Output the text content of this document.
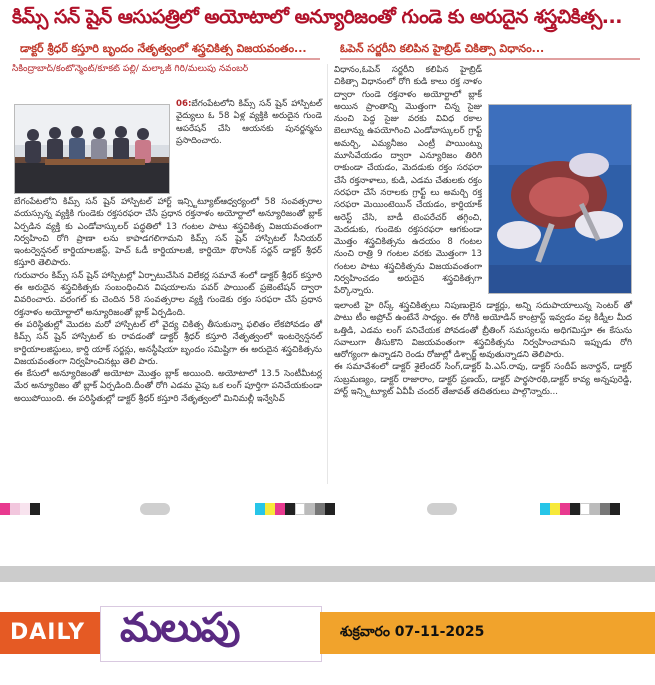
కిమ్స్ సన్ షైన్ ఆసుపత్రిలో అయోటాలో అన్యూరిజంతో గుండె కు అరుదైన శస్త్రచికిత్స...
డాక్టర్ శ్రీధర్ కస్తూరి బృందం నేతృత్వంలో శస్త్రచికిత్స విజయవంతం...	ఓపెన్ సర్జరీని కలిపిన హైబ్రిడ్ చికిత్సా విధానం...
సికింద్రాబాద్/కంటోన్మెంట్/కూకట్ పల్లి/ మల్కాజ్ గిరి/మలుపు నవంబర్

06:బేగంపేటలోని కిమ్స్ సన్ షైన్ హాస్పిటల్ వైద్యులు ఓ 58 ఏళ్ల వ్యక్తికి అరుదైన గుండె ఆపరేషన్ చేసి ఆయనకు పునర్జన్మను ప్రసాదించారు.

బేగంపేటలోని కిమ్స్ సన్ షైన్ హాస్పిటల్ హార్ట్ ఇన్స్టిట్యూట్ఆధ్వర్యంలో 58 సంవత్సరాల వయస్సున్న వ్యక్తికి గుండెకు రక్తసరఫరా చేసే ప్రధాన రక్తనాళం అయోర్టాలో అన్యూరిజంతో బ్లాక్ ఏర్పడిన వ్యక్తి కు ఎండోవాస్కులర్ పద్ధతిలో 13 గంటల పాటు శస్త్రచికిత్స విజయవంతంగా నిర్వహించి రోగి ప్రాణా లను కాపాడగలిగామని కిమ్స్ సన్ షైన్ హాస్పిటల్ సీనియర్ ఇంటర్వెన్షనల్ కార్డియాలజిస్ట్, హెచ్ ఓడీ కార్డియాలజీ, కార్డియో థొరాసిక్ సర్జన్ డాక్టర్ శ్రీధర్ కస్తూరి తెలిపారు.

గురువారం కిమ్స్ సన్ షైన్ హాస్పిటల్లో ఏర్పాటుచేసిన విలేకర్ల సమావే శంలో డాక్టర్ శ్రీధర్ కస్తూరి ఈ అరుదైన శస్త్రచికిత్సకు సంబంధించిన విషయాలను పవర్ పాయింట్ ప్రజెంటేషన్ ద్వారా వివరించారు. వరంగల్ కు చెందిన 58 సంవత్సరాల వ్యక్తి గుండెకు రక్తం సరఫరా చేసే ప్రధాన రక్తనాళం అయోర్టాలో అన్యూరిజంతో బ్లాక్ ఏర్పడింది.

ఈ పరిస్థితుల్లో మొదట మరో హాస్పిటల్ లో వైద్య చికిత్స తీసుకున్నా ఫలితం లేకపోవడం తో కిమ్స్ సన్ షైన్ హాస్పిటల్ కు రావడంతో డాక్టర్ శ్రీధర్ కస్తూరి నేతృత్వంలో ఇంటర్వెన్షనల్ కార్డియాలజిస్టులు, కార్డి యాక్ సర్జన్లు, అనస్థీషియా బృందం సమిష్టిగా ఈ అరుదైన శస్త్రచికిత్సను విజయవంతంగా నిర్వహించినట్లు తెలి పారు.

ఈ కేసులో అన్యూరిజంతో అయోటా మొత్తం బ్లాక్ అయింది. అయోటాలో 13.5 సెంటీమీటర్ల మేర అన్యూరిజం తో బ్లాక్ ఏర్పడింది.దీంతో రోగి ఎడమ వైపు ఒక లంగ్ పూర్తిగా పనిచేయకుండా అయిపోయింది. ఈ పరిస్థితుల్లో డాక్టర్ శ్రీధర్ కస్తూరి నేతృత్వంలో మినిమల్లీ ఇన్వేసివ్

విధానం,ఓపెన్ సర్జరీని కలిపిన హైబ్రిడ్ చికిత్సా విధానంలో రోగి కుడి కాలు రక్త నాళం ద్వారా గుండె రక్తనాళం అయోర్టాలో బ్లాక్ అయిన ప్రాంతాన్ని మొత్తంగా చిన్న సైజు నుంచి పెద్ద సైజు వరకు వివిధ రకాల బెలూన్ను ఉపయోగించి ఎండోవాస్కులర్ గ్రాఫ్ట్ అమర్చి, ఎమ్యనీజం ఎంట్రీ పాయింట్ను మూసివేయడం ద్వారా ఎన్యూరిజం తిరిగి రాకుండా చేయడం, మెదడుకు రక్తం సరఫరా చేసే రక్తనాళాలు, కుడి, ఎడమ చేతులకు రక్తం సరఫరా చేసే నరాలకు గ్రాఫ్ట్ లు అమర్చి రక్త సరఫరా మెయింటెయిన్ చేయడం, కార్డియాక్ అరెస్ట్ చేసి, బాడీ టెంపరేచర్ తగ్గించి, మెదడుకు, గుండెకు రక్తసరఫరా ఆగకుండా మొత్తం శస్త్రచికిత్సను ఉదయం 8 గంటల నుంచి రాత్రి 9 గంటల వరకు మొత్తంగా 13 గంటల పాటు శస్త్రచికిత్సను విజయవంతంగా నిర్వహించడం అరుదైన శస్త్రచికిత్సగా పేర్కొన్నారు.

ఇలాంటి హై రిస్క్ శస్త్రచికిత్సలు నిపుణులైన డాక్టర్లు, అన్ని సదుపాయాలున్న సెంటర్ తో పాటు టీం అప్రోచ్ ఉంటేనే సాధ్యం. ఈ రోగికి అయోడిన్ కాంట్రాస్ట్ ఇవ్వడం వల్ల కిడ్నీల మీద ఒత్తిడి, ఎడమ లంగ్ పనిచేయక పోవడంతో బ్రీతింగ్ సమస్యలను అధిగమిస్తూ ఈ కేసును సవాలుగా తీసుకొని విజయవంతంగా శస్త్రచికిత్సను నిర్వహించామని ఇప్పుడు రోగి ఆరోగ్యంగా ఉన్నాడని రెండు రోజుల్లో డిశ్చార్జ్ అవుతున్నాడని తెలిపారు.

ఈ సమావేశంలో డాక్టర్ శైలేందర్ సింగ్,డాక్టర్ పి.ఎస్.రావు, డాక్టర్ సందీప్ జనార్దన్, డాక్టర్ సుబ్రమణ్యం, డాక్టర్ రాజారాం, డాక్టర్ ప్రణయ్, డాక్టర్ పార్థసారథి,డాక్టర్ కావ్య అన్నపురెడ్డి, హార్ట్ ఇన్స్టిట్యూట్ ఏవీపీ చందర్ తేజావత్ తదితరులు పాల్గొన్నారు...

DAILY మలుపు	శుక్రవారం 07-11-2025
